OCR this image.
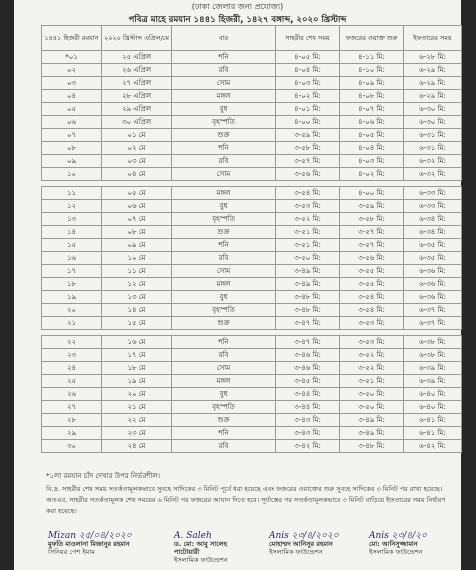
(ঢাকা জেলার জন্য প্রযোজ্য)
পবিত্র মাহে রমযান ১৪৪১ হিজরী, ১৪২৭ বঙ্গাব্দ, ২০২০ খ্রিস্টাব্দ
১৪৪১ হিজরী রমযান	২০২০ খ্রিস্টাব্দ এপ্রিল/মে	বার	সাহরীর শেষ সময়	ফজরের ওয়াক্ত শুরু	ইফতারের সময়
*০১	২৫ এপ্রিল	শনি	৪-০৫ মি:	৪-১১ মি:	৬-২৮ মি:
০২	২৬ এপ্রিল	রবি	৪-০৪ মি:	৪-১০ মি:	৬-২৯ মি:
০৩	২৭ এপ্রিল	সোম	৪-০৩ মি:	৪-০৯ মি:	৬-২৯ মি:
০৪	২৮ এপ্রিল	মঙ্গল	৪-০২ মি:	৪-০৮ মি:	৬-২৯ মি:
০৫	২৯ এপ্রিল	বুধ	৪-০১ মি:	৪-০৭ মি:	৬-৩০ মি:
০৬	৩০ এপ্রিল	বৃহস্পতি	৪-০০ মি:	৪-০৬ মি:	৬-৩০ মি:
০৭	০১ মে	শুক্র	৩-৫৯ মি:	৪-০৫ মি:	৬-৩১ মি:
০৮	০২ মে	শনি	৩-৫৮ মি:	৪-০৪ মি:	৬-৩১ মি:
০৯	০৩ মে	রবি	৩-৫৭ মি:	৪-০৩ মি:	৬-৩২ মি:
১০	০৪ মে	সোম	৩-৫৬ মি:	৪-০২ মি:	৬-৩২ মি:

১১	০৫ মে	মঙ্গল	৩-৫৪ মি:	৪-০০ মি:	৬-৩৩ মি:
১২	০৬ মে	বুধ	৩-৫৩ মি:	৩-৫৯ মি:	৬-৩৩ মি:
১৩	০৭ মে	বৃহস্পতি	৩-৫২ মি:	৩-৫৮ মি:	৬-৩৪ মি:
১৪	০৮ মে	শুক্র	৩-৫১ মি:	৩-৫৭ মি:	৬-৩৪ মি:
১৫	০৯ মে	শনি	৩-৫১ মি:	৩-৫৭ মি:	৬-৩৫ মি:
১৬	১০ মে	রবি	৩-৫০ মি:	৩-৫৬ মি:	৬-৩৫ মি:
১৭	১১ মে	সোম	৩-৪৯ মি:	৩-৫৫ মি:	৬-৩৬ মি:
১৮	১২ মে	মঙ্গল	৩-৪৯ মি:	৩-৫৫ মি:	৬-৩৬ মি:
১৯	১৩ মে	বুধ	৩-৪৮ মি:	৩-৫৪ মি:	৬-৩৬ মি:
২০	১৪ মে	বৃহস্পতি	৩-৪৮ মি:	৩-৫৪ মি:	৬-৩৭ মি:
২১	১৫ মে	শুক্র	৩-৪৭ মি:	৩-৫৩ মি:	৬-৩৭ মি:

২২	১৬ মে	শনি	৩-৪৭ মি:	৩-৫৩ মি:	৬-৩৮ মি:
২৩	১৭ মে	রবি	৩-৪৬ মি:	৩-৫২ মি:	৬-৩৮ মি:
২৪	১৮ মে	সোম	৩-৪৬ মি:	৩-৫২ মি:	৬-৩৯ মি:
২৫	১৯ মে	মঙ্গল	৩-৪৫ মি:	৩-৫১ মি:	৬-৩৯ মি:
২৬	২০ মে	বুধ	৩-৪৪ মি:	৩-৫০ মি:	৬-৪০ মি:
২৭	২১ মে	বৃহস্পতি	৩-৪৪ মি:	৩-৫০ মি:	৬-৪০ মি:
২৮	২২ মে	শুক্র	৩-৪৩ মি:	৩-৪৯ মি:	৬-৪১ মি:
২৯	২৩ মে	শনি	৩-৪৩ মি:	৩-৪৯ মি:	৬-৪১ মি:
৩০	২৪ মে	রবি	৩-৪২ মি:	৩-৪৮ মি:	৬-৪২ মি:
*১লা রমযান চাঁদ দেখার উপর নির্ভরশীল।
বি.দ্র. সাহরীর শেষ সময় সতর্কতামূলকভাবে সুবহে সাদিকের ৩ মিনিট পূর্বে ধরা হয়েছে এবং ফজরের ওয়াক্তের শুরু সুবহে সাদিকের ৩ মিনিট পর রাখা হয়েছে। অতএব, সাহরীর সতর্কতামূলক শেষ সময়ের ৬ মিনিট পর ফজরের আযান দিতে হবে। সূর্যাস্তের পর সতর্কতামূলকভাবে ৩ মিনিট বাড়িয়ে ইফতারের সময় নির্ধারণ করা হয়েছে।
Mizan ২৫/০৪/২০২০
মুফতি মাওলানা মিজানুর রহমান
সিনিয়র পেশ ইমাম
A. Saleh
ড. মো: আবু সালেহ পাটোয়ারী
ইসলামিক ফাউন্ডেশন
Anis ২৩/৪/২০২০
মোহাম্মদ আনিসুর রহমান
ইসলামিক ফাউন্ডেশন
Anis ২৩/৪/২০
মো: আনিসুজ্জামান
ইসলামিক ফাউন্ডেশন
